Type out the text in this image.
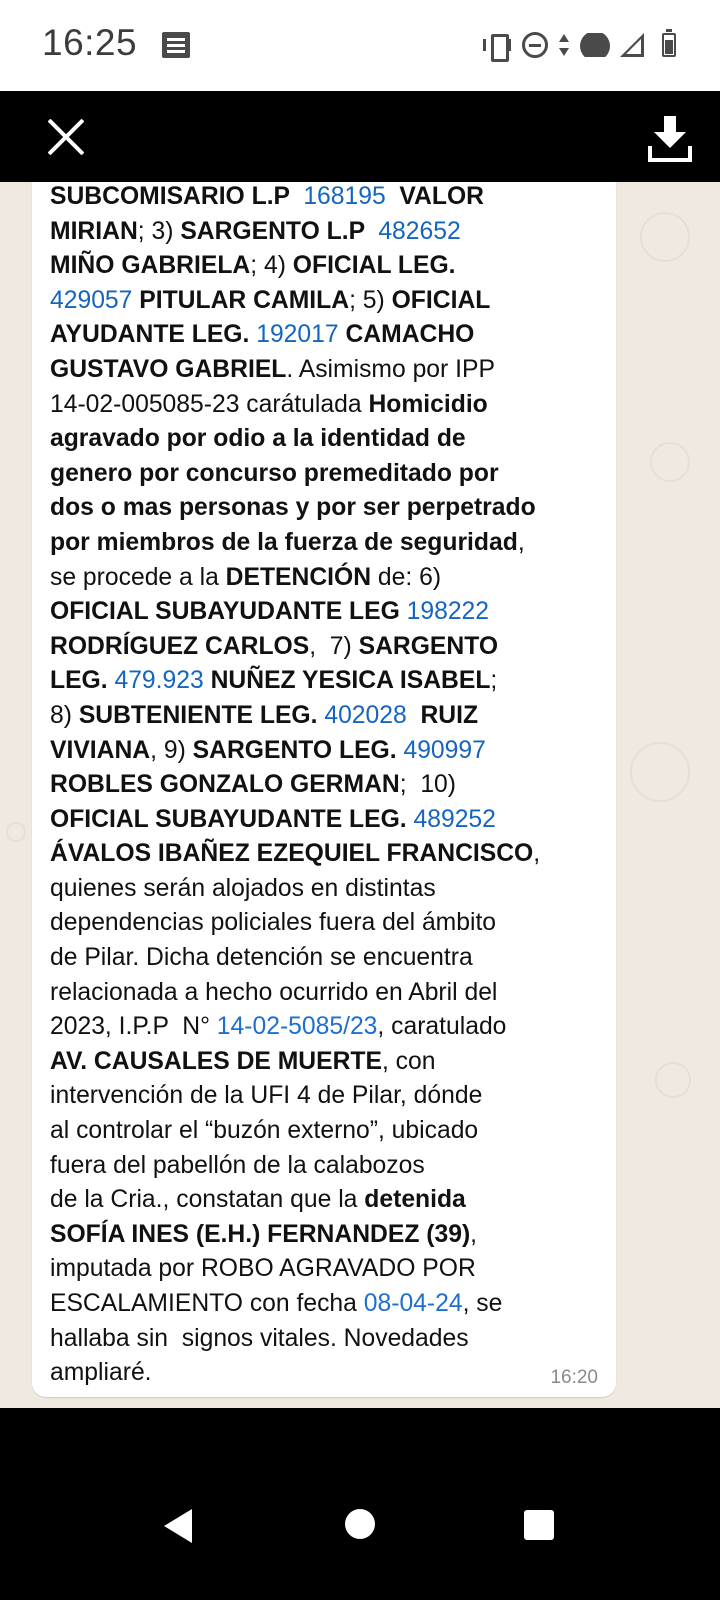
16:25
SUBCOMISARIO L.P  168195  VALOR
MIRIAN; 3) SARGENTO L.P  482652
MIÑO GABRIELA; 4) OFICIAL LEG.
429057 PITULAR CAMILA; 5) OFICIAL
AYUDANTE LEG. 192017 CAMACHO
GUSTAVO GABRIEL. Asimismo por IPP
14-02-005085-23 carátulada Homicidio
agravado por odio a la identidad de
genero por concurso premeditado por
dos o mas personas y por ser perpetrado
por miembros de la fuerza de seguridad,
se procede a la DETENCIÓN de: 6)
OFICIAL SUBAYUDANTE LEG 198222
RODRÍGUEZ CARLOS,  7) SARGENTO
LEG. 479.923 NUÑEZ YESICA ISABEL;
8) SUBTENIENTE LEG. 402028  RUIZ
VIVIANA, 9) SARGENTO LEG. 490997
ROBLES GONZALO GERMAN;  10)
OFICIAL SUBAYUDANTE LEG. 489252
ÁVALOS IBAÑEZ EZEQUIEL FRANCISCO,
quienes serán alojados en distintas
dependencias policiales fuera del ámbito
de Pilar. Dicha detención se encuentra
relacionada a hecho ocurrido en Abril del
2023, I.P.P  N° 14-02-5085/23, caratulado
AV. CAUSALES DE MUERTE, con
intervención de la UFI 4 de Pilar, dónde
al controlar el “buzón externo”, ubicado
fuera del pabellón de la calabozos
de la Cria., constatan que la detenida
SOFÍA INES (E.H.) FERNANDEZ (39),
imputada por ROBO AGRAVADO POR
ESCALAMIENTO con fecha 08-04-24, se
hallaba sin  signos vitales. Novedades
ampliaré.	16:20
